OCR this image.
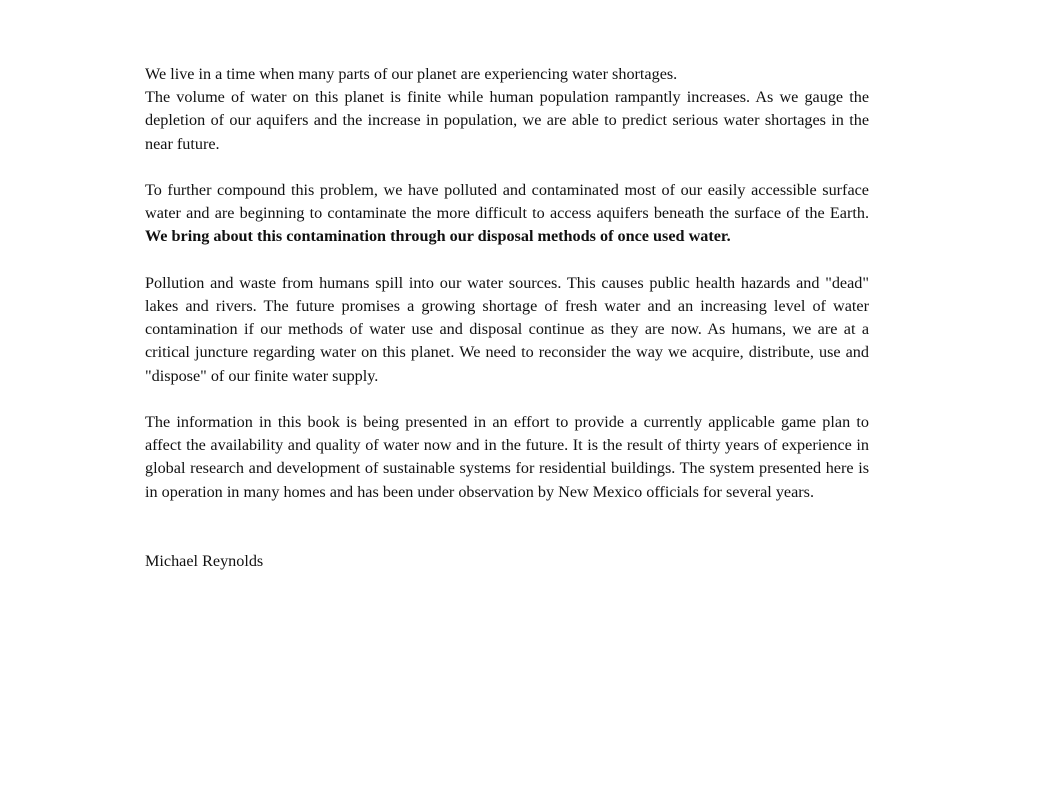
We live in a time when many parts of our planet are experiencing water shortages.
The volume of water on this planet is finite while human population rampantly increases. As we gauge the depletion of our aquifers and the increase in population, we are able to predict serious water shortages in the near future.
To further compound this problem, we have polluted and contaminated most of our easily accessible surface water and are beginning to contaminate the more difficult to access aquifers beneath the surface of the Earth. We bring about this contamination through our disposal methods of once used water.
Pollution and waste from humans spill into our water sources. This causes public health hazards and "dead" lakes and rivers. The future promises a growing shortage of fresh water and an increasing level of water contamination if our methods of water use and disposal continue as they are now. As humans, we are at a critical juncture regarding water on this planet. We need to reconsider the way we acquire, distribute, use and "dispose" of our finite water supply.
The information in this book is being presented in an effort to provide a currently applicable game plan to affect the availability and quality of water now and in the future. It is the result of thirty years of experience in global research and development of sustainable systems for residential buildings. The system presented here is in operation in many homes and has been under observation by New Mexico officials for several years.
Michael Reynolds
